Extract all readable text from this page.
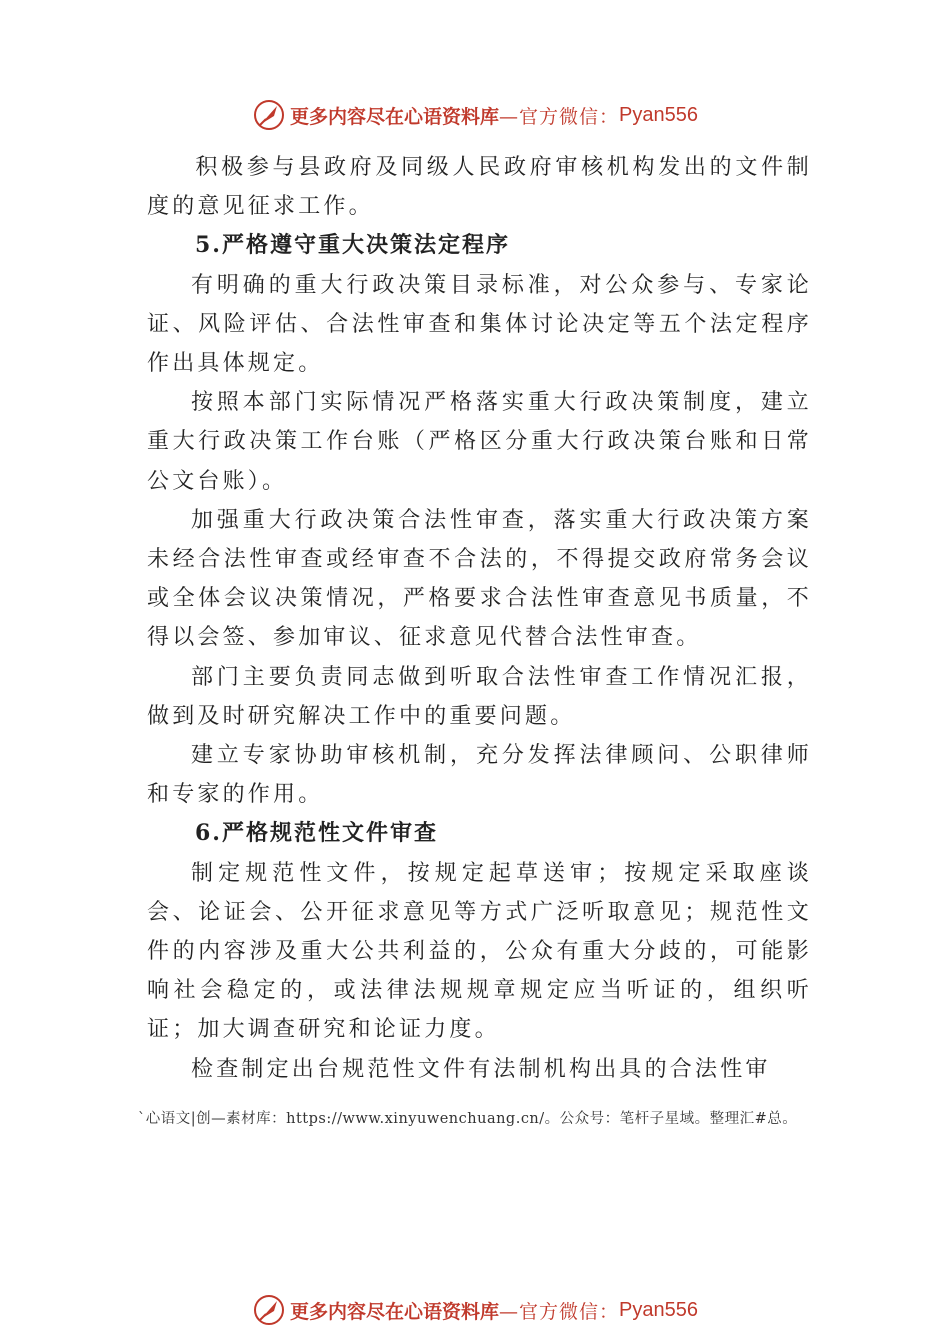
更多内容尽在心语资料库 —官方微信： Pyan556

积极参与县政府及同级人民政府审核机构发出的文件制度的意见征求工作。

5.严格遵守重大决策法定程序

有明确的重大行政决策目录标准，对公众参与、专家论证、风险评估、合法性审查和集体讨论决定等五个法定程序作出具体规定。

按照本部门实际情况严格落实重大行政决策制度，建立重大行政决策工作台账（严格区分重大行政决策台账和日常公文台账）。

加强重大行政决策合法性审查，落实重大行政决策方案未经合法性审查或经审查不合法的，不得提交政府常务会议或全体会议决策情况，严格要求合法性审查意见书质量，不得以会签、参加审议、征求意见代替合法性审查。

部门主要负责同志做到听取合法性审查工作情况汇报，做到及时研究解决工作中的重要问题。

建立专家协助审核机制，充分发挥法律顾问、公职律师和专家的作用。

6.严格规范性文件审查

制定规范性文件，按规定起草送审；按规定采取座谈会、论证会、公开征求意见等方式广泛听取意见；规范性文件的内容涉及重大公共利益的，公众有重大分歧的，可能影响社会稳定的，或法律法规规章规定应当听证的，组织听证；加大调查研究和论证力度。

检查制定出台规范性文件有法制机构出具的合法性审

`心语文|创—素材库：https://www.xinyuwenchuang.cn/。公众号：笔杆子星域。整理汇#总。
更多内容尽在心语资料库 —官方微信： Pyan556
